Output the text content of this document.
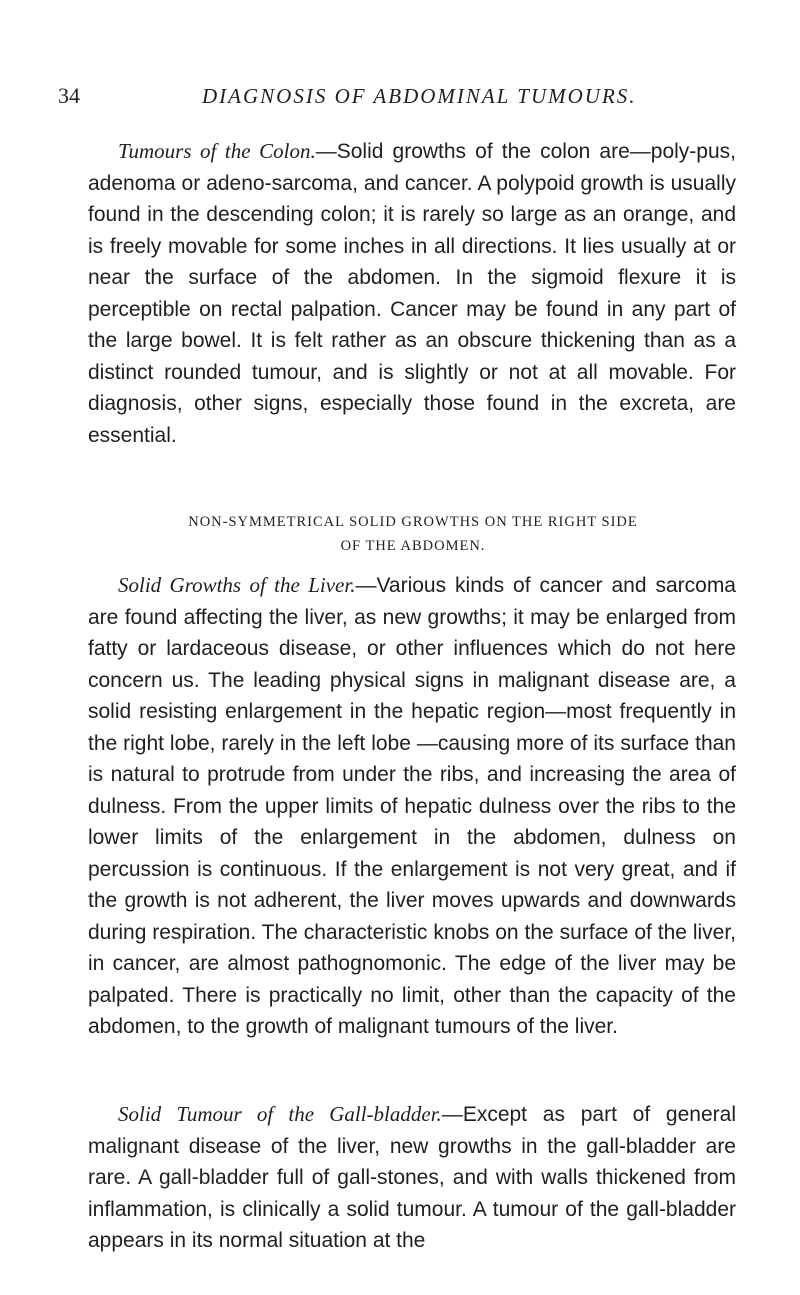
34	DIAGNOSIS OF ABDOMINAL TUMOURS.

Tumours of the Colon.—Solid growths of the colon are—poly-pus, adenoma or adeno-sarcoma, and cancer. A polypoid growth is usually found in the descending colon; it is rarely so large as an orange, and is freely movable for some inches in all directions. It lies usually at or near the surface of the abdomen. In the sigmoid flexure it is perceptible on rectal palpation. Cancer may be found in any part of the large bowel. It is felt rather as an obscure thickening than as a distinct rounded tumour, and is slightly or not at all movable. For diagnosis, other signs, especially those found in the excreta, are essential.

NON-SYMMETRICAL SOLID GROWTHS ON THE RIGHT SIDE
OF THE ABDOMEN.

Solid Growths of the Liver.—Various kinds of cancer and sarcoma are found affecting the liver, as new growths; it may be enlarged from fatty or lardaceous disease, or other influences which do not here concern us. The leading physical signs in malignant disease are, a solid resisting enlargement in the hepatic region—most frequently in the right lobe, rarely in the left lobe —causing more of its surface than is natural to protrude from under the ribs, and increasing the area of dulness. From the upper limits of hepatic dulness over the ribs to the lower limits of the enlargement in the abdomen, dulness on percussion is continuous. If the enlargement is not very great, and if the growth is not adherent, the liver moves upwards and downwards during respiration. The characteristic knobs on the surface of the liver, in cancer, are almost pathognomonic. The edge of the liver may be palpated. There is practically no limit, other than the capacity of the abdomen, to the growth of malignant tumours of the liver.

Solid Tumour of the Gall-bladder.—Except as part of general malignant disease of the liver, new growths in the gall-bladder are rare. A gall-bladder full of gall-stones, and with walls thickened from inflammation, is clinically a solid tumour. A tumour of the gall-bladder appears in its normal situation at the
